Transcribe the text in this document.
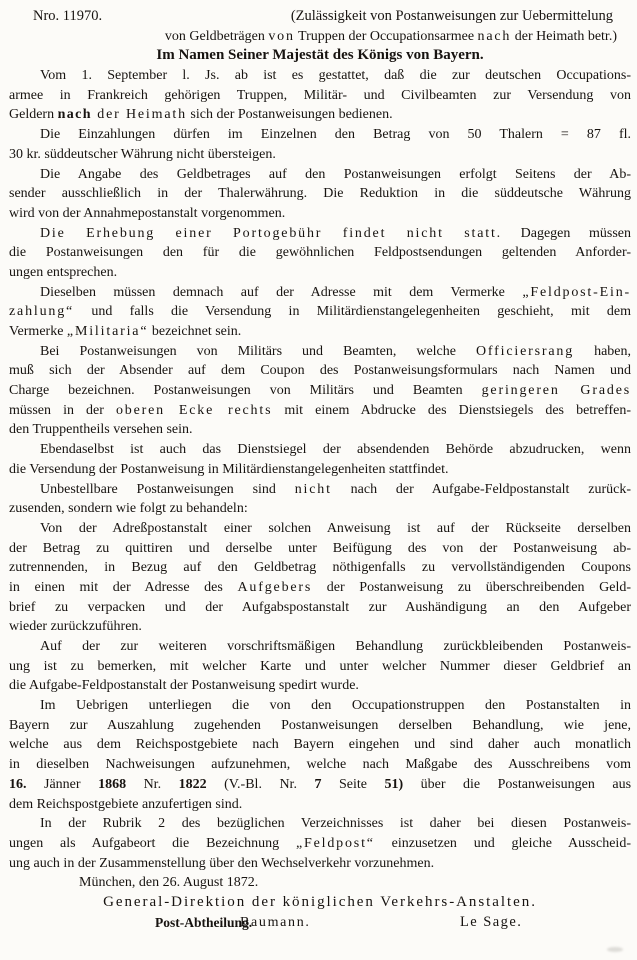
Nro. 11970.	(Zulässigkeit von Postanweisungen zur Uebermittelung
von Geldbeträgen von Truppen der Occupationsarmee nach der Heimath betr.)
Im Namen Seiner Majestät des Königs von Bayern.
Vom 1. September l. Js. ab ist es gestattet, daß die zur deutschen Occupations-
armee in Frankreich gehörigen Truppen, Militär- und Civilbeamten zur Versendung von
Geldern nach der Heimath sich der Postanweisungen bedienen.
Die Einzahlungen dürfen im Einzelnen den Betrag von 50 Thalern = 87 fl.
30 kr. süddeutscher Währung nicht übersteigen.
Die Angabe des Geldbetrages auf den Postanweisungen erfolgt Seitens der Ab-
sender ausschließlich in der Thalerwährung. Die Reduktion in die süddeutsche Währung
wird von der Annahmepostanstalt vorgenommen.
Die Erhebung einer Portogebühr findet nicht statt. Dagegen müssen
die Postanweisungen den für die gewöhnlichen Feldpostsendungen geltenden Anforder-
ungen entsprechen.
Dieselben müssen demnach auf der Adresse mit dem Vermerke „Feldpost-Ein-
zahlung“ und falls die Versendung in Militärdienstangelegenheiten geschieht, mit dem
Vermerke „Militaria“ bezeichnet sein.
Bei Postanweisungen von Militärs und Beamten, welche Officiersrang haben,
muß sich der Absender auf dem Coupon des Postanweisungsformulars nach Namen und
Charge bezeichnen. Postanweisungen von Militärs und Beamten geringeren Grades
müssen in der oberen Ecke rechts mit einem Abdrucke des Dienstsiegels des betreffen-
den Truppentheils versehen sein.
Ebendaselbst ist auch das Dienstsiegel der absendenden Behörde abzudrucken, wenn
die Versendung der Postanweisung in Militärdienstangelegenheiten stattfindet.
Unbestellbare Postanweisungen sind nicht nach der Aufgabe-Feldpostanstalt zurück-
zusenden, sondern wie folgt zu behandeln:
Von der Adreßpostanstalt einer solchen Anweisung ist auf der Rückseite derselben
der Betrag zu quittiren und derselbe unter Beifügung des von der Postanweisung ab-
zutrennenden, in Bezug auf den Geldbetrag nöthigenfalls zu vervollständigenden Coupons
in einen mit der Adresse des Aufgebers der Postanweisung zu überschreibenden Geld-
brief zu verpacken und der Aufgabspostanstalt zur Aushändigung an den Aufgeber
wieder zurückzuführen.
Auf der zur weiteren vorschriftsmäßigen Behandlung zurückbleibenden Postanweis-
ung ist zu bemerken, mit welcher Karte und unter welcher Nummer dieser Geldbrief an
die Aufgabe-Feldpostanstalt der Postanweisung spedirt wurde.
Im Uebrigen unterliegen die von den Occupationstruppen den Postanstalten in
Bayern zur Auszahlung zugehenden Postanweisungen derselben Behandlung, wie jene,
welche aus dem Reichspostgebiete nach Bayern eingehen und sind daher auch monatlich
in dieselben Nachweisungen aufzunehmen, welche nach Maßgabe des Ausschreibens vom
16. Jänner 1868 Nr. 1822 (V.-Bl. Nr. 7 Seite 51) über die Postanweisungen aus
dem Reichspostgebiete anzufertigen sind.
In der Rubrik 2 des bezüglichen Verzeichnisses ist daher bei diesen Postanweis-
ungen als Aufgabeort die Bezeichnung „Feldpost“ einzusetzen und gleiche Ausscheid-
ung auch in der Zusammenstellung über den Wechselverkehr vorzunehmen.
München, den 26. August 1872.
General-Direktion der königlichen Verkehrs-Anstalten.
Post-Abtheilung.
Baumann.	Le Sage.
